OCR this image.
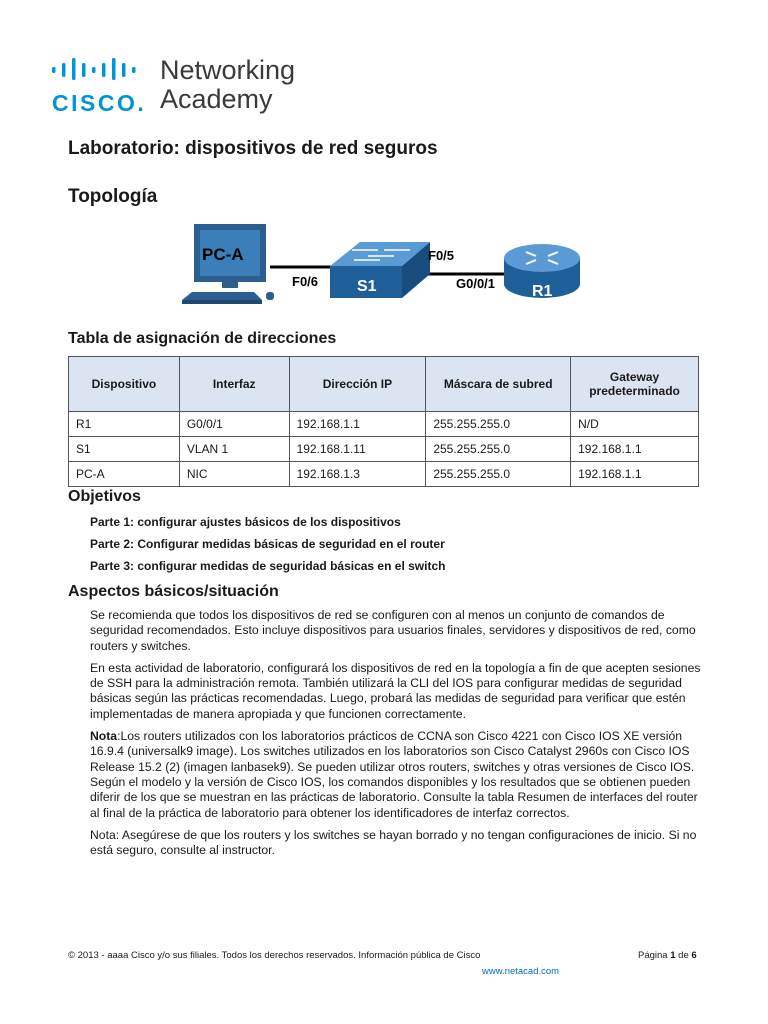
CISCO.
Networking
Academy
Laboratorio: dispositivos de red seguros
Topología
PC-A
S1	R1
F0/6
F0/5
G0/0/1
Tabla de asignación de direcciones
Dispositivo	Interfaz	Dirección IP	Máscara de subred	Gateway predeterminado
R1	G0/0/1	192.168.1.1	255.255.255.0	N/D
S1	VLAN 1	192.168.1.11	255.255.255.0	192.168.1.1
PC-A	NIC	192.168.1.3	255.255.255.0	192.168.1.1
Objetivos
Parte 1: configurar ajustes básicos de los dispositivos
Parte 2: Configurar medidas básicas de seguridad en el router
Parte 3: configurar medidas de seguridad básicas en el switch
Aspectos básicos/situación

Se recomienda que todos los dispositivos de red se configuren con al menos un conjunto de comandos de seguridad recomendados. Esto incluye dispositivos para usuarios finales, servidores y dispositivos de red, como routers y switches.

En esta actividad de laboratorio, configurará los dispositivos de red en la topología a fin de que acepten sesiones de SSH para la administración remota. También utilizará la CLI del IOS para configurar medidas de seguridad básicas según las prácticas recomendadas. Luego, probará las medidas de seguridad para verificar que estén implementadas de manera apropiada y que funcionen correctamente.

Nota:Los routers utilizados con los laboratorios prácticos de CCNA son Cisco 4221 con Cisco IOS XE versión 16.9.4 (universalk9 image). Los switches utilizados en los laboratorios son Cisco Catalyst 2960s con Cisco IOS Release 15.2 (2) (imagen lanbasek9). Se pueden utilizar otros routers, switches y otras versiones de Cisco IOS. Según el modelo y la versión de Cisco IOS, los comandos disponibles y los resultados que se obtienen pueden diferir de los que se muestran en las prácticas de laboratorio. Consulte la tabla Resumen de interfaces del router al final de la práctica de laboratorio para obtener los identificadores de interfaz correctos.

Nota: Asegúrese de que los routers y los switches se hayan borrado y no tengan configuraciones de inicio. Si no está seguro, consulte al instructor.

© 2013 - aaaa Cisco y/o sus filiales. Todos los derechos reservados. Información pública de Cisco	Página 1 de 6
www.netacad.com
